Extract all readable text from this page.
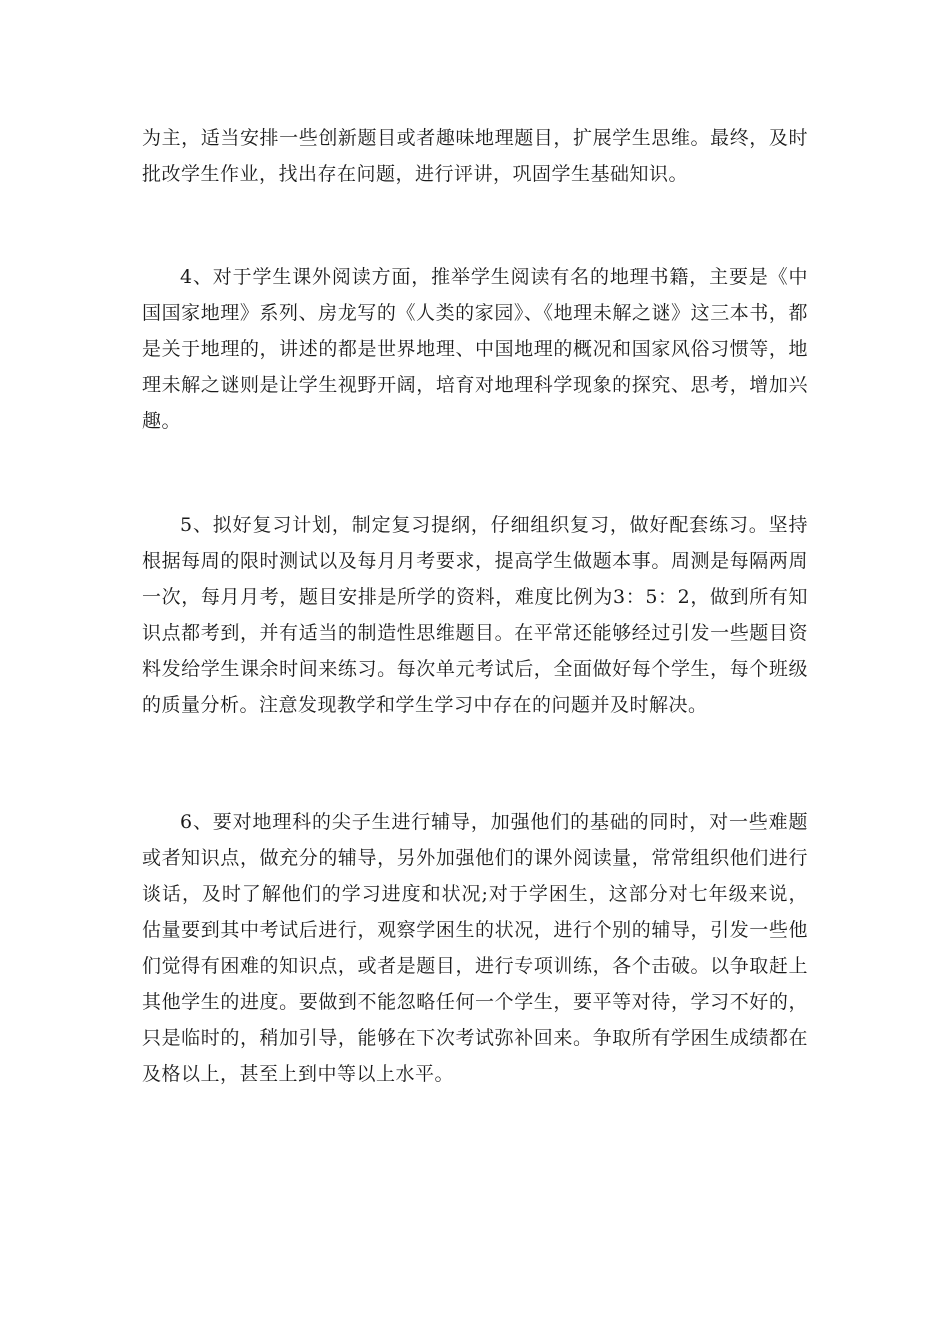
为主，适当安排一些创新题目或者趣味地理题目，扩展学生思维。最终，及时批改学生作业，找出存在问题，进行评讲，巩固学生基础知识。

4、对于学生课外阅读方面，推举学生阅读有名的地理书籍，主要是《中国国家地理》系列、房龙写的《人类的家园》、《地理未解之谜》这三本书，都是关于地理的，讲述的都是世界地理、中国地理的概况和国家风俗习惯等，地理未解之谜则是让学生视野开阔，培育对地理科学现象的探究、思考，增加兴趣。

5、拟好复习计划，制定复习提纲，仔细组织复习，做好配套练习。坚持根据每周的限时测试以及每月月考要求，提高学生做题本事。周测是每隔两周一次，每月月考，题目安排是所学的资料，难度比例为3：5：2，做到所有知识点都考到，并有适当的制造性思维题目。在平常还能够经过引发一些题目资料发给学生课余时间来练习。每次单元考试后，全面做好每个学生，每个班级的质量分析。注意发现教学和学生学习中存在的问题并及时解决。

6、要对地理科的尖子生进行辅导，加强他们的基础的同时，对一些难题或者知识点，做充分的辅导，另外加强他们的课外阅读量，常常组织他们进行谈话，及时了解他们的学习进度和状况;对于学困生，这部分对七年级来说，估量要到其中考试后进行，观察学困生的状况，进行个别的辅导，引发一些他们觉得有困难的知识点，或者是题目，进行专项训练，各个击破。以争取赶上其他学生的进度。要做到不能忽略任何一个学生，要平等对待，学习不好的，只是临时的，稍加引导，能够在下次考试弥补回来。争取所有学困生成绩都在及格以上，甚至上到中等以上水平。
